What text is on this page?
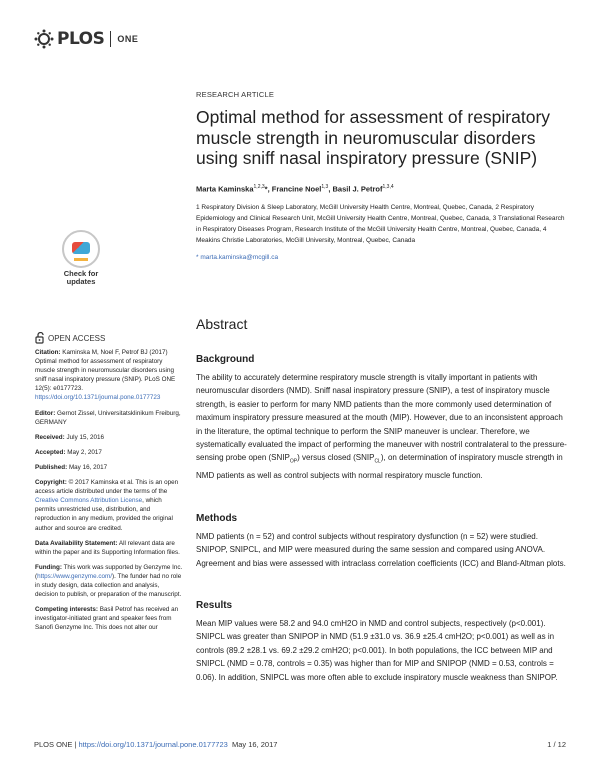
PLOS ONE
Check for
updates
OPEN ACCESS
Citation: Kaminska M, Noel F, Petrof BJ (2017) Optimal method for assessment of respiratory muscle strength in neuromuscular disorders using sniff nasal inspiratory pressure (SNIP). PLoS ONE 12(5): e0177723. https://doi.org/10.1371/journal.pone.0177723
Editor: Gernot Zissel, Universitatsklinikum Freiburg, GERMANY
Received: July 15, 2016
Accepted: May 2, 2017
Published: May 16, 2017
Copyright: © 2017 Kaminska et al. This is an open access article distributed under the terms of the Creative Commons Attribution License, which permits unrestricted use, distribution, and reproduction in any medium, provided the original author and source are credited.
Data Availability Statement: All relevant data are within the paper and its Supporting Information files.
Funding: This work was supported by Genzyme Inc. (https://www.genzyme.com/). The funder had no role in study design, data collection and analysis, decision to publish, or preparation of the manuscript.
Competing interests: Basil Petrof has received an investigator-initiated grant and speaker fees from Sanofi Genzyme Inc. This does not alter our
RESEARCH ARTICLE
Optimal method for assessment of respiratory muscle strength in neuromuscular disorders using sniff nasal inspiratory pressure (SNIP)
Marta Kaminska$^{1,2,3}$*, Francine Noel$^{1,3}$, Basil J. Petrof$^{1,3,4}$
1 Respiratory Division & Sleep Laboratory, McGill University Health Centre, Montreal, Quebec, Canada, 2 Respiratory Epidemiology and Clinical Research Unit, McGill University Health Centre, Montreal, Quebec, Canada, 3 Translational Research in Respiratory Diseases Program, Research Institute of the McGill University Health Centre, Montreal, Quebec, Canada, 4 Meakins Christie Laboratories, McGill University, Montreal, Quebec, Canada
* marta.kaminska@mcgill.ca
Abstract
Background
The ability to accurately determine respiratory muscle strength is vitally important in patients with neuromuscular disorders (NMD). Sniff nasal inspiratory pressure (SNIP), a test of inspiratory muscle strength, is easier to perform for many NMD patients than the more commonly used determination of maximum inspiratory pressure measured at the mouth (MIP). However, due to an inconsistent approach in the literature, the optimal technique to perform the SNIP maneuver is unclear. Therefore, we systematically evaluated the impact of performing the maneuver with nostril contralateral to the pressure-sensing probe open $(SNIP_{OP})$ versus closed $(SNIP_{CL})$, on determination of inspiratory muscle strength in NMD patients as well as control subjects with normal respiratory muscle function.
Methods
NMD patients (n = 52) and control subjects without respiratory dysfunction (n = 52) were studied. SNIPOP, SNIPCL, and MIP were measured during the same session and compared using ANOVA. Agreement and bias were assessed with intraclass correlation coefficients (ICC) and Bland-Altman plots.
Results
Mean MIP values were 58.2 and 94.0 cmH2O in NMD and control subjects, respectively (p<0.001). SNIPCL was greater than SNIPOP in NMD (51.9 ±31.0 vs. 36.9 ±25.4 cmH2O; p<0.001) as well as in controls (89.2 ±28.1 vs. 69.2 ±29.2 cmH2O; p<0.001). In both populations, the ICC between MIP and SNIPCL (NMD = 0.78, controls = 0.35) was higher than for MIP and SNIPOP (NMD = 0.53, controls = 0.06). In addition, SNIPCL was more often able to exclude inspiratory muscle weakness than SNIPOP.
PLOS ONE
|
https://doi.org/10.1371/journal.pone.0177723
May 16, 2017	1 / 12
